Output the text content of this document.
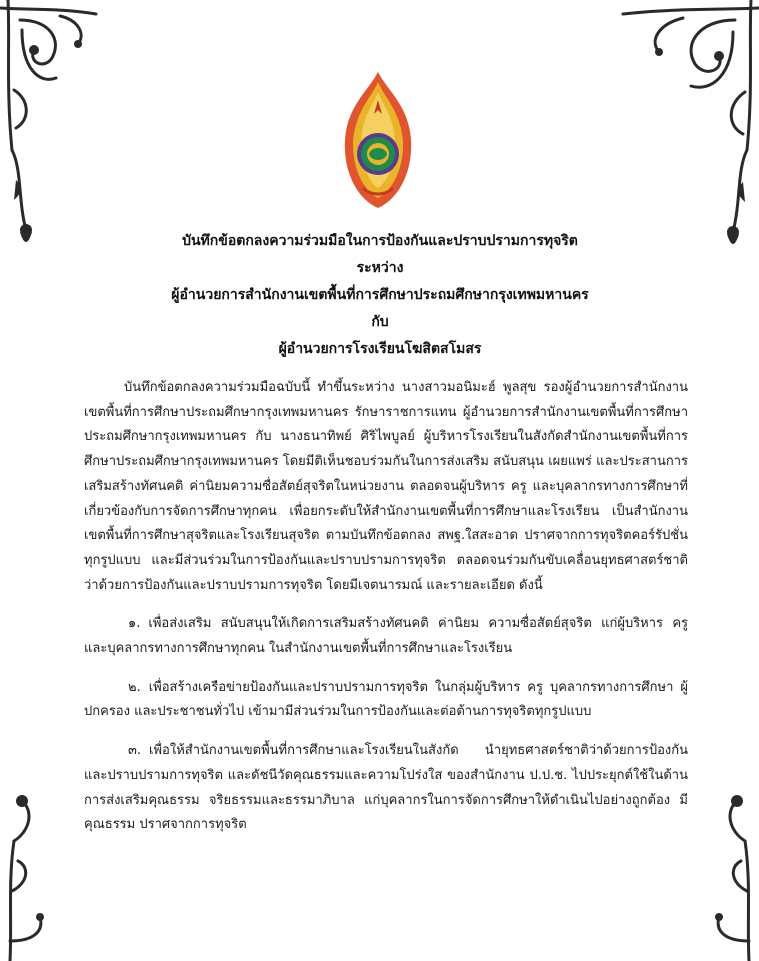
บันทึกข้อตกลงความร่วมมือในการป้องกันและปราบปรามการทุจริต
ระหว่าง
ผู้อำนวยการสำนักงานเขตพื้นที่การศึกษาประถมศึกษากรุงเทพมหานคร
กับ
ผู้อำนวยการโรงเรียนโฆสิตสโมสร

บันทึกข้อตกลงความร่วมมือฉบับนี้ ทำขึ้นระหว่าง นางสาวมอนิมะฮ์ พูลสุข รองผู้อำนวยการสำนักงานเขตพื้นที่การศึกษาประถมศึกษากรุงเทพมหานคร รักษาราชการแทน ผู้อำนวยการสำนักงานเขตพื้นที่การศึกษาประถมศึกษากรุงเทพมหานคร กับ นางธนาทิพย์ ศิริไพบูลย์ ผู้บริหารโรงเรียนในสังกัดสำนักงานเขตพื้นที่การศึกษาประถมศึกษากรุงเทพมหานคร โดยมีติเห็นชอบร่วมกันในการส่งเสริม สนับสนุน เผยแพร่ และประสานการเสริมสร้างทัศนคติ ค่านิยมความซื่อสัตย์สุจริตในหน่วยงาน ตลอดจนผู้บริหาร ครู และบุคลากรทางการศึกษาที่เกี่ยวข้องกับการจัดการศึกษาทุกคน เพื่อยกระดับให้สำนักงานเขตพื้นที่การศึกษาและโรงเรียน เป็นสำนักงานเขตพื้นที่การศึกษาสุจริตและโรงเรียนสุจริต ตามบันทึกข้อตกลง สพฐ.ใสสะอาด ปราศจากการทุจริตคอร์รัปชั่น ทุกรูปแบบ และมีส่วนร่วมในการป้องกันและปราบปรามการทุจริต ตลอดจนร่วมกันขับเคลื่อนยุทธศาสตร์ชาติว่าด้วยการป้องกันและปราบปรามการทุจริต โดยมีเจตนารมณ์ และรายละเอียด ดังนี้

๑. เพื่อส่งเสริม สนับสนุนให้เกิดการเสริมสร้างทัศนคติ ค่านิยม ความซื่อสัตย์สุจริต แก่ผู้บริหาร ครู และบุคลากรทางการศึกษาทุกคน ในสำนักงานเขตพื้นที่การศึกษาและโรงเรียน

๒. เพื่อสร้างเครือข่ายป้องกันและปราบปรามการทุจริต ในกลุ่มผู้บริหาร ครู บุคลากรทางการศึกษา ผู้ปกครอง และประชาชนทั่วไป เข้ามามีส่วนร่วมในการป้องกันและต่อต้านการทุจริตทุกรูปแบบ

๓. เพื่อให้สำนักงานเขตพื้นที่การศึกษาและโรงเรียนในสังกัด นำยุทธศาสตร์ชาติว่าด้วยการป้องกันและปราบปรามการทุจริต และดัชนีวัดคุณธรรมและความโปร่งใส ของสำนักงาน ป.ป.ช. ไปประยุกต์ใช้ในด้านการส่งเสริมคุณธรรม จริยธรรมและธรรมาภิบาล แก่บุคลากรในการจัดการศึกษาให้ดำเนินไปอย่างถูกต้อง มีคุณธรรม ปราศจากการทุจริต
